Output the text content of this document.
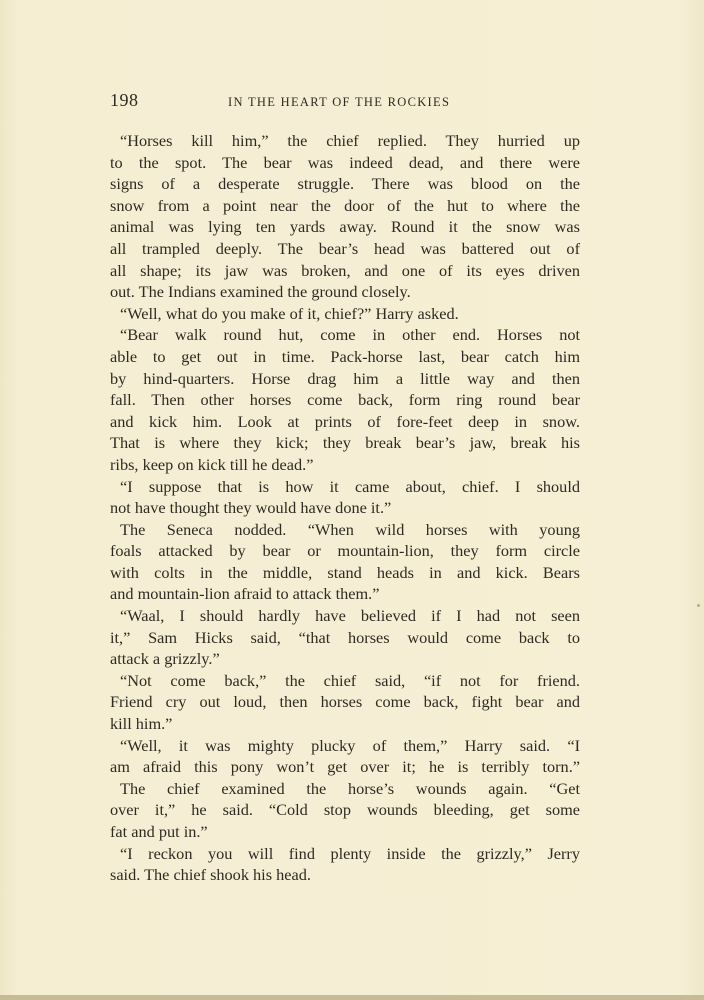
198	IN THE HEART OF THE ROCKIES
“Horses kill him,” the chief replied. They hurried up
to the spot. The bear was indeed dead, and there were
signs of a desperate struggle. There was blood on the
snow from a point near the door of the hut to where the
animal was lying ten yards away. Round it the snow was
all trampled deeply. The bear’s head was battered out of
all shape; its jaw was broken, and one of its eyes driven
out. The Indians examined the ground closely.
“Well, what do you make of it, chief?” Harry asked.
“Bear walk round hut, come in other end. Horses not
able to get out in time. Pack-horse last, bear catch him
by hind-quarters. Horse drag him a little way and then
fall. Then other horses come back, form ring round bear
and kick him. Look at prints of fore-feet deep in snow.
That is where they kick; they break bear’s jaw, break his
ribs, keep on kick till he dead.”
“I suppose that is how it came about, chief. I should
not have thought they would have done it.”
The Seneca nodded. “When wild horses with young
foals attacked by bear or mountain-lion, they form circle
with colts in the middle, stand heads in and kick. Bears
and mountain-lion afraid to attack them.”
“Waal, I should hardly have believed if I had not seen
it,” Sam Hicks said, “that horses would come back to
attack a grizzly.”
“Not come back,” the chief said, “if not for friend.
Friend cry out loud, then horses come back, fight bear and
kill him.”
“Well, it was mighty plucky of them,” Harry said. “I
am afraid this pony won’t get over it; he is terribly torn.”
The chief examined the horse’s wounds again. “Get
over it,” he said. “Cold stop wounds bleeding, get some
fat and put in.”
“I reckon you will find plenty inside the grizzly,” Jerry
said. The chief shook his head.
